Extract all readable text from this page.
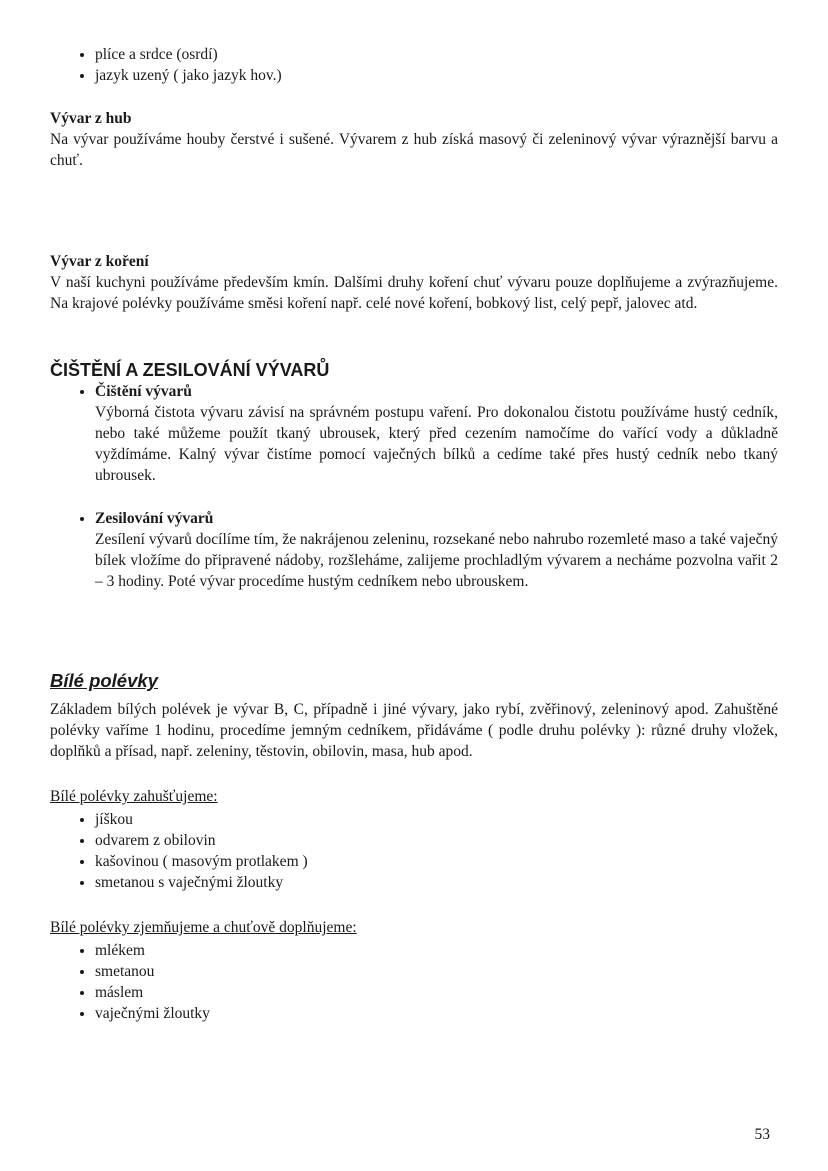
• plíce a srdce (osrdí)
• jazyk uzený ( jako jazyk hov.)
Vývar z hub

Na vývar používáme houby čerstvé i sušené. Vývarem z hub získá masový či zeleninový vývar výraznější barvu a chuť.

Vývar z koření

V naší kuchyni používáme především kmín. Dalšími druhy koření chuť vývaru pouze doplňujeme a zvýrazňujeme. Na krajové polévky používáme směsi koření např. celé nové koření, bobkový list, celý pepř, jalovec atd.

ČIŠTĚNÍ A ZESILOVÁNÍ VÝVARŮ
• Čištění vývarů

Výborná čistota vývaru závisí na správném postupu vaření. Pro dokonalou čistotu používáme hustý cedník, nebo také můžeme použít tkaný ubrousek, který před cezením namočíme do vařící vody a důkladně vyždímáme. Kalný vývar čistíme pomocí vaječných bílků a cedíme také přes hustý cedník nebo tkaný ubrousek.

• Zesilování vývarů

Zesílení vývarů docílíme tím, že nakrájenou zeleninu, rozsekané nebo nahrubo rozemleté maso a také vaječný bílek vložíme do připravené nádoby, rozšleháme, zalijeme prochladlým vývarem a necháme pozvolna vařit 2 – 3 hodiny. Poté vývar procedíme hustým cedníkem nebo ubrouskem.

Bílé polévky

Základem bílých polévek je vývar B, C, případně i jiné vývary, jako rybí, zvěřinový, zeleninový apod. Zahuštěné polévky vaříme 1 hodinu, procedíme jemným cedníkem, přidáváme ( podle druhu polévky ): různé druhy vložek, doplňků a přísad, např. zeleniny, těstovin, obilovin, masa, hub apod.

Bílé polévky zahušťujeme:
• jíškou
• odvarem z obilovin
• kašovinou ( masovým protlakem )
• smetanou s vaječnými žloutky
Bílé polévky zjemňujeme a chuťově doplňujeme:
• mlékem
• smetanou
• máslem
• vaječnými žloutky
53
